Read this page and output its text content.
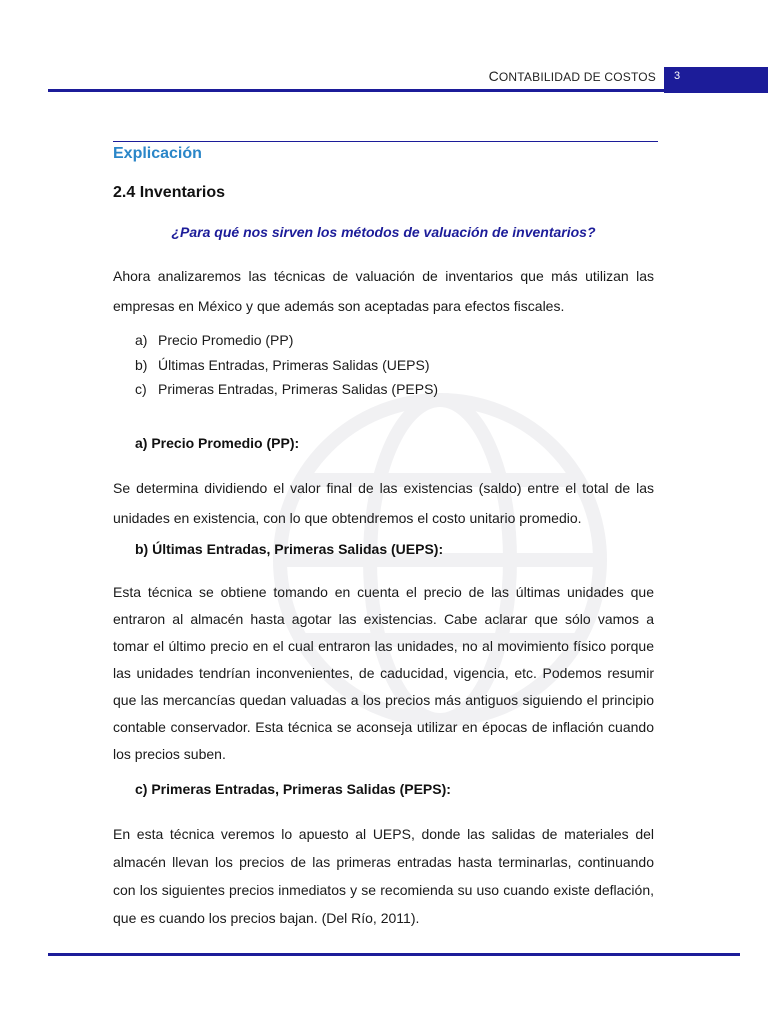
CONTABILIDAD DE COSTOS 3
Explicación
2.4 Inventarios
¿Para qué nos sirven los métodos de valuación de inventarios?
Ahora analizaremos las técnicas de valuación de inventarios que más utilizan las empresas en México y que además son aceptadas para efectos fiscales.
a) Precio Promedio (PP)
b) Últimas Entradas, Primeras Salidas (UEPS)
c) Primeras Entradas, Primeras Salidas (PEPS)
a) Precio Promedio (PP):
Se determina dividiendo el valor final de las existencias (saldo) entre el total de las unidades en existencia, con lo que obtendremos el costo unitario promedio.
b) Últimas Entradas, Primeras Salidas (UEPS):
Esta técnica se obtiene tomando en cuenta el precio de las últimas unidades que entraron al almacén hasta agotar las existencias. Cabe aclarar que sólo vamos a tomar el último precio en el cual entraron las unidades, no al movimiento físico porque las unidades tendrían inconvenientes, de caducidad, vigencia, etc. Podemos resumir que las mercancías quedan valuadas a los precios más antiguos siguiendo el principio contable conservador. Esta técnica se aconseja utilizar en épocas de inflación cuando los precios suben.
c) Primeras Entradas, Primeras Salidas (PEPS):
En esta técnica veremos lo apuesto al UEPS, donde las salidas de materiales del almacén llevan los precios de las primeras entradas hasta terminarlas, continuando con los siguientes precios inmediatos y se recomienda su uso cuando existe deflación, que es cuando los precios bajan. (Del Río, 2011).
